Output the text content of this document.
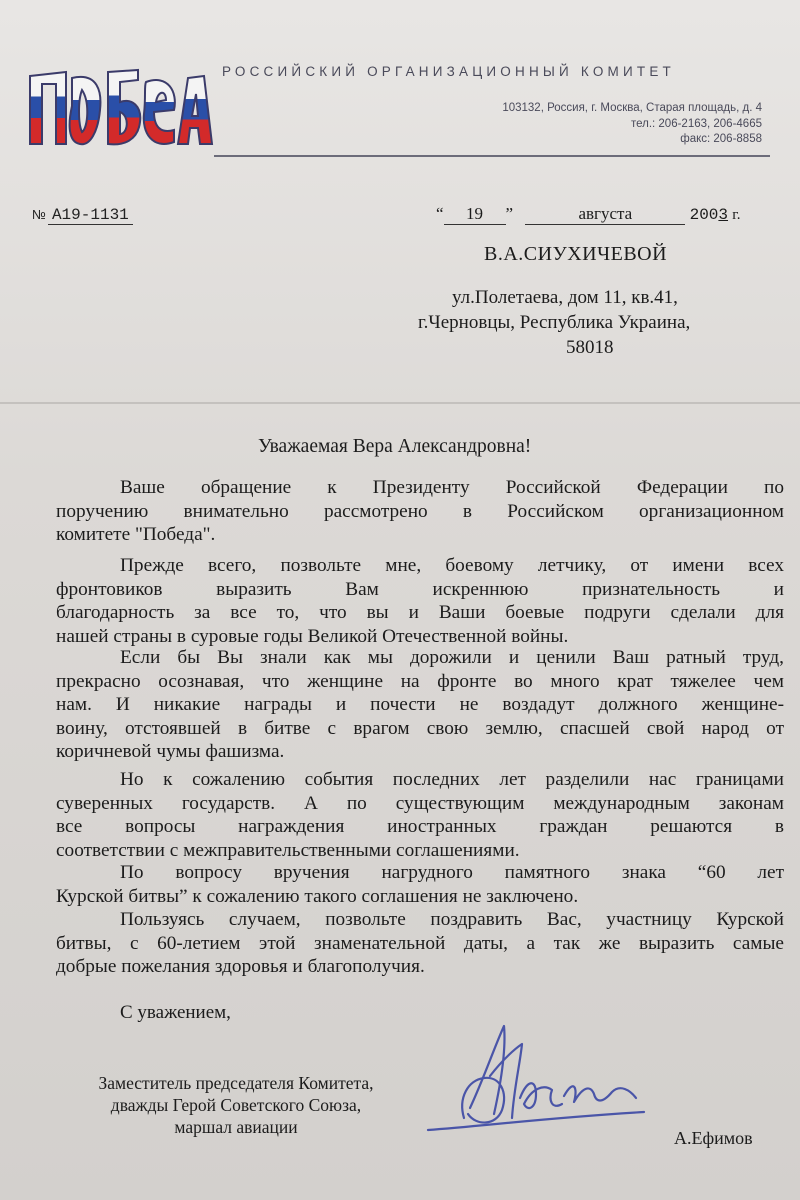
ПОБЕДА
РОССИЙСКИЙ ОРГАНИЗАЦИОННЫЙ КОМИТЕТ
103132, Россия, г. Москва, Старая площадь, д. 4
тел.: 206-2163, 206-4665
факс: 206-8858
№ А19-1131	“ 19 ”	августа	2003 г.
В.А.СИУХИЧЕВОЙ
ул.Полетаева, дом 11, кв.41,
г.Черновцы, Республика Украина,
58018
Уважаемая Вера Александровна!
Ваше обращение к Президенту Российской Федерации по
поручению внимательно рассмотрено в Российском организационном
комитете "Победа".
Прежде всего, позвольте мне, боевому летчику, от имени всех
фронтовиков выразить Вам искреннюю признательность и
благодарность за все то, что вы и Ваши боевые подруги сделали для
нашей страны в суровые годы Великой Отечественной войны.
Если бы Вы знали как мы дорожили и ценили Ваш ратный труд,
прекрасно осознавая, что женщине на фронте во много крат тяжелее чем
нам. И никакие награды и почести не воздадут должного женщине-
воину, отстоявшей в битве с врагом свою землю, спасшей свой народ от
коричневой чумы фашизма.
Но к сожалению события последних лет разделили нас границами
суверенных государств. А по существующим международным законам
все вопросы награждения иностранных граждан решаются в
соответствии с межправительственными соглашениями.
По вопросу вручения нагрудного памятного знака “60 лет
Курской битвы” к сожалению такого соглашения не заключено.
Пользуясь случаем, позвольте поздравить Вас, участницу Курской
битвы, с 60-летием этой знаменательной даты, а так же выразить самые
добрые пожелания здоровья и благополучия.
С уважением,
Заместитель председателя Комитета,
дважды Герой Советского Союза,
маршал авиации
А.Ефимов
